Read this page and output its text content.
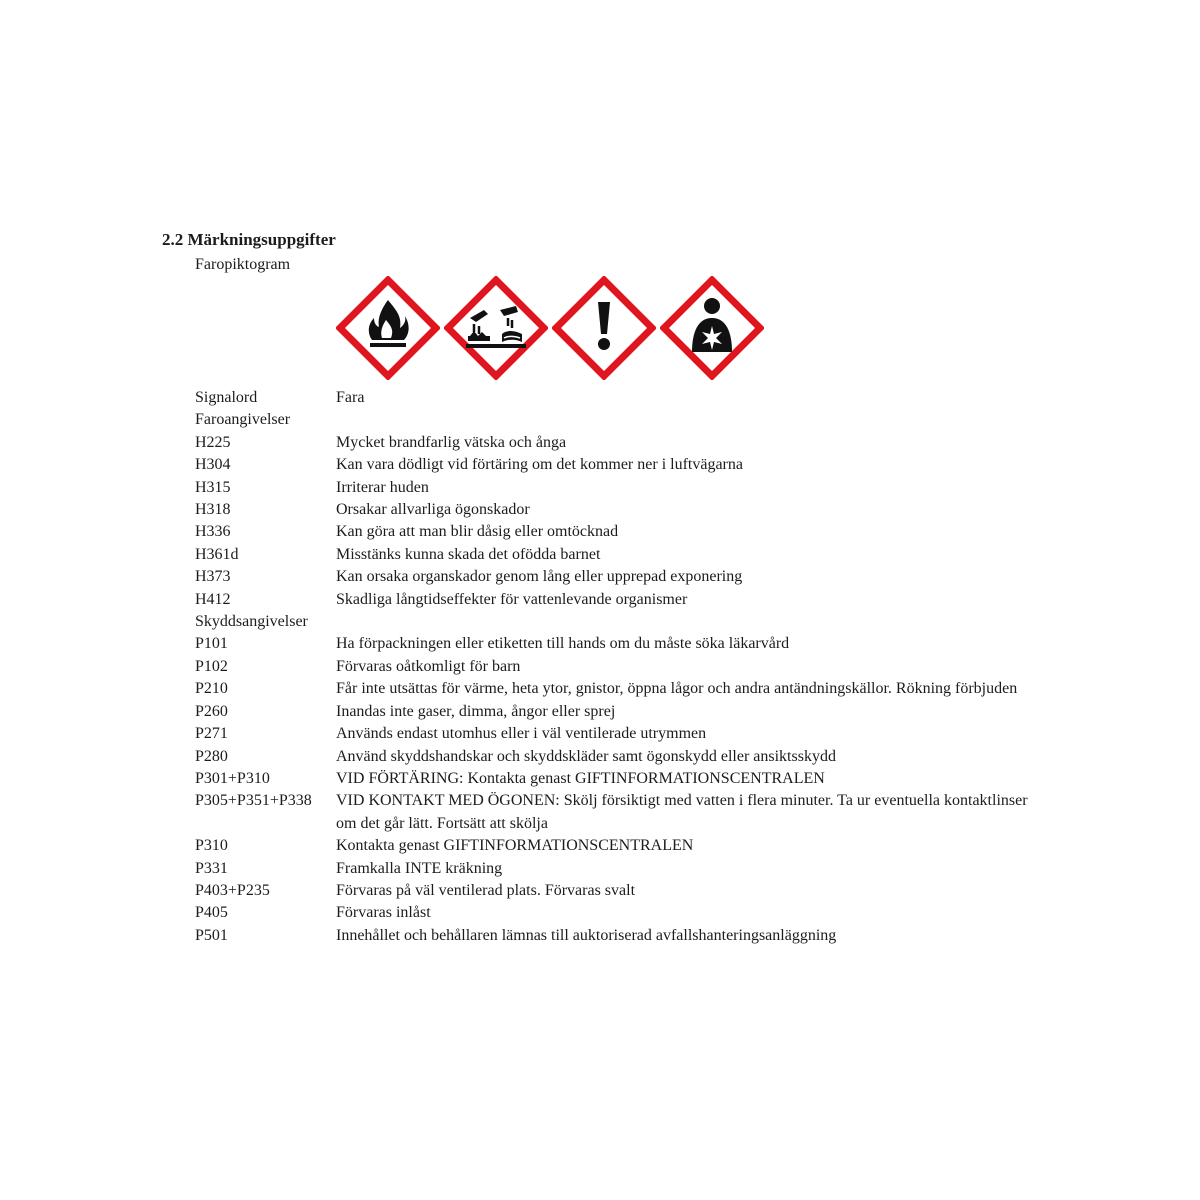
2.2 Märkningsuppgifter
Faropiktogram
Signalord	Fara
Faroangivelser
H225	Mycket brandfarlig vätska och ånga
H304	Kan vara dödligt vid förtäring om det kommer ner i luftvägarna
H315	Irriterar huden
H318	Orsakar allvarliga ögonskador
H336	Kan göra att man blir dåsig eller omtöcknad
H361d	Misstänks kunna skada det ofödda barnet
H373	Kan orsaka organskador genom lång eller upprepad exponering
H412	Skadliga långtidseffekter för vattenlevande organismer
Skyddsangivelser
P101	Ha förpackningen eller etiketten till hands om du måste söka läkarvård
P102	Förvaras oåtkomligt för barn
P210	Får inte utsättas för värme, heta ytor, gnistor, öppna lågor och andra antändningskällor. Rökning förbjuden
P260	Inandas inte gaser, dimma, ångor eller sprej
P271	Används endast utomhus eller i väl ventilerade utrymmen
P280	Använd skyddshandskar och skyddskläder samt ögonskydd eller ansiktsskydd
P301+P310	VID FÖRTÄRING: Kontakta genast GIFTINFORMATIONSCENTRALEN
P305+P351+P338 VID KONTAKT MED ÖGONEN: Skölj försiktigt med vatten i flera minuter. Ta ur eventuella kontaktlinser om det går lätt. Fortsätt att skölja
P310	Kontakta genast GIFTINFORMATIONSCENTRALEN
P331	Framkalla INTE kräkning
P403+P235	Förvaras på väl ventilerad plats. Förvaras svalt
P405	Förvaras inlåst
P501	Innehållet och behållaren lämnas till auktoriserad avfallshanteringsanläggning
